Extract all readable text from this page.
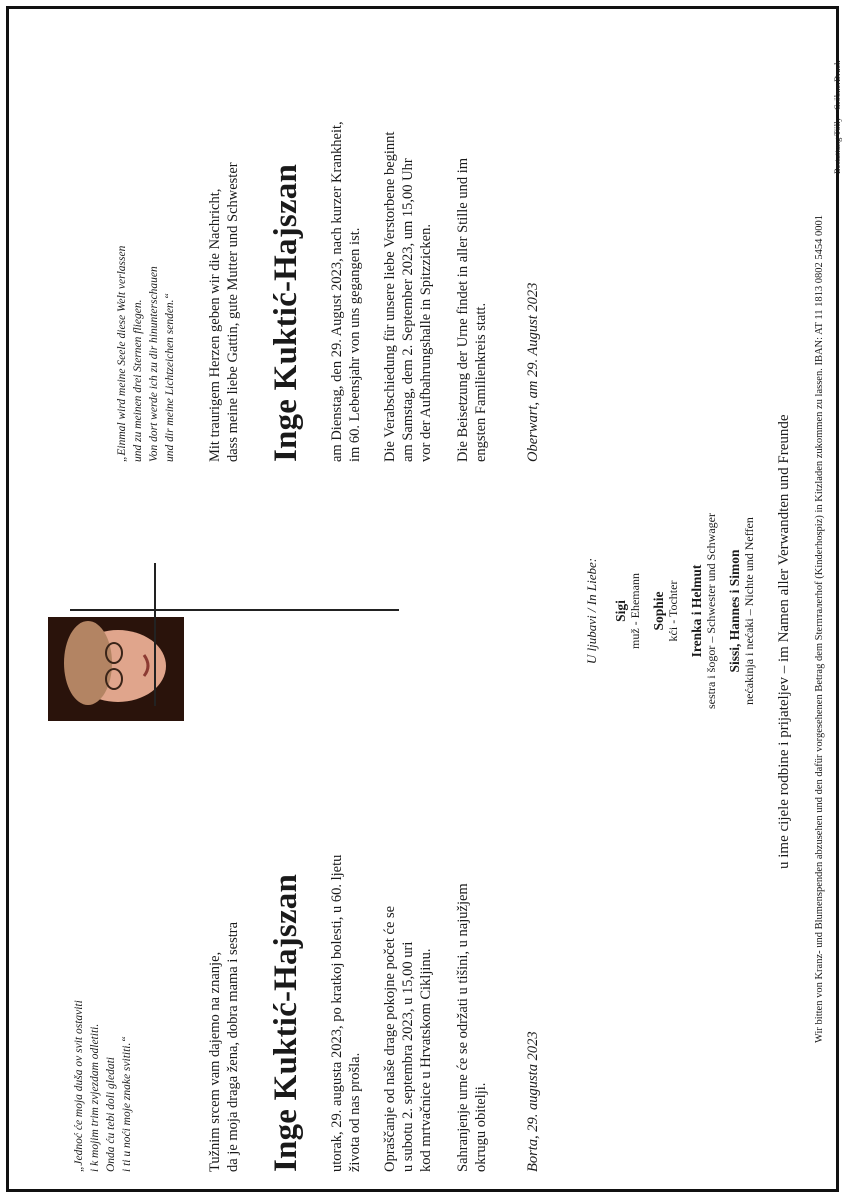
„Jednoć će moja duša ov svit ostaviti i k mojim trim zvjezdam odletiti. Onda ću tebi doli gledati i ti u noći moje znake svititi.“	Tužnim srcem vam dajemo na znanje, da je moja draga žena, dobra mama i sestra Inge Kuktić-Hajszan utorak, 29. augusta 2023, po kratkoj bolesti, u 60. ljetu života od nas prošla. Opraščanje od naše drage pokojne počet će se u subotu 2. septembra 2023, u 15,00 uri kod mrtvačnice u Hrvatskom Cikljinu. Sahranjenje urne će se održati u tišini, u najužjem okrugu obitelji. Borta, 29. augusta 2023
U ljubavi / In Liebe: Sigi muž - Ehemann Sophie kći - Tochter Irenka i Helmut sestra i šogor – Schwester und Schwager Sissi, Hannes i Simon nećakinja i nećaki – Nichte und Neffen u ime cijele rodbine i prijateljev – im Namen aller Verwandten und Freunde
„Einmal wird meine Seele diese Welt verlassen und zu meinen drei Sternen fliegen. Von dort werde ich zu dir hinunterschauen und dir meine Lichtzeichen senden.“ Mit traurigem Herzen geben wir die Nachricht, dass meine liebe Gattin, gute Mutter und Schwester Inge Kuktić-Hajszan am Dienstag, den 29. August 2023, nach kurzer Krankheit, im 60. Lebensjahr von uns gegangen ist. Die Verabschiedung für unsere liebe Verstorbene beginnt am Samstag, dem 2. September 2023, um 15,00 Uhr vor der Aufbahrungshalle in Spitzzicken. Die Beisetzung der Urne findet in aller Stille und im engsten Familienkreis statt. Oberwart, am 29. August 2023	Wir bitten von Kranz- und Blumenspenden abzusehen und den dafür vorgesehenen Betrag dem Sternталerhof (Kinderhospiz) in Kitzladen zukommen zu lassen. IBAN: AT 11 1813 0802 5454 0001
Bestattung Tölly · GröbnerDruck
